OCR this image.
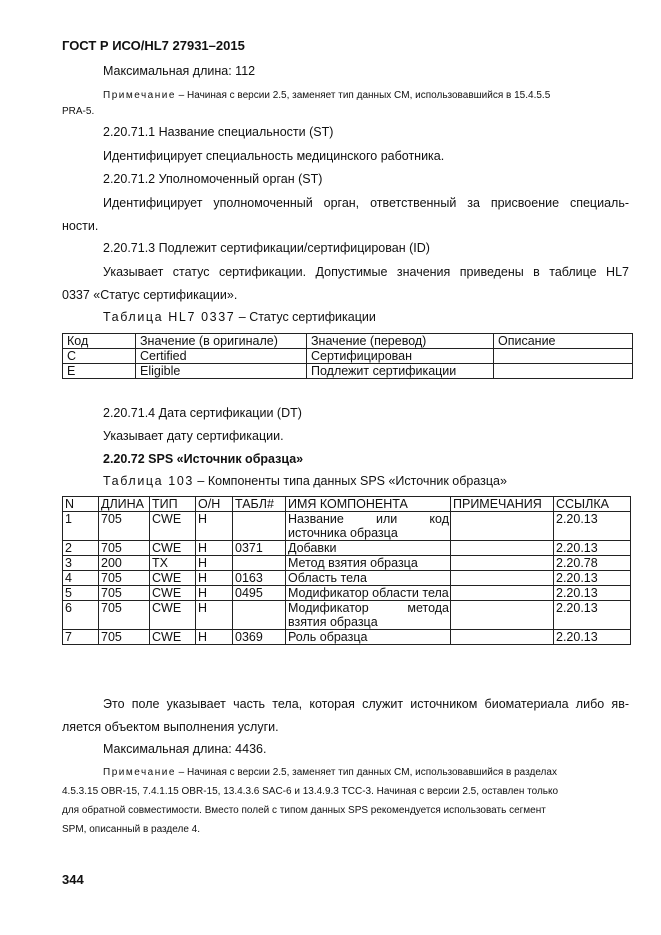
ГОСТ Р ИСО/HL7 27931–2015
Максимальная длина: 112
Примечание – Начиная с версии 2.5, заменяет тип данных CM, использовавшийся в 15.4.5.5
PRA-5.
2.20.71.1 Название специальности (ST)
Идентифицирует специальность медицинского работника.
2.20.71.2 Уполномоченный орган (ST)
Идентифицирует уполномоченный орган, ответственный за присвоение специаль-
ности.
2.20.71.3 Подлежит сертификации/сертифицирован (ID)
Указывает статус сертификации. Допустимые значения приведены в таблице HL7
0337 «Статус сертификации».
Таблица HL7 0337 – Статус сертификации
Код	Значение (в оригинале)	Значение (перевод)	Описание
C	Certified	Сертифицирован	
E	Eligible	Подлежит сертификации	
2.20.71.4 Дата сертификации (DT)
Указывает дату сертификации.
2.20.72 SPS «Источник образца»
Таблица 103 – Компоненты типа данных SPS «Источник образца»
N	ДЛИНА	ТИП	О/Н	ТАБЛ#	ИМЯ КОМПОНЕНТА	ПРИМЕЧАНИЯ	ССЫЛКА
1	705	CWE	Н		Название или код источника образца		2.20.13
2	705	CWE	Н	0371	Добавки		2.20.13
3	200	TX	Н		Метод взятия образца		2.20.78
4	705	CWE	Н	0163	Область тела		2.20.13
5	705	CWE	Н	0495	Модификатор области тела		2.20.13
6	705	CWE	Н		Модификатор метода взятия образца		2.20.13
7	705	CWE	Н	0369	Роль образца		2.20.13
Это поле указывает часть тела, которая служит источником биоматериала либо яв-
ляется объектом выполнения услуги.
Максимальная длина: 4436.
Примечание – Начиная с версии 2.5, заменяет тип данных CM, использовавшийся в разделах
4.5.3.15 OBR-15, 7.4.1.15 OBR-15, 13.4.3.6 SAC-6 и 13.4.9.3 TCC-3. Начиная с версии 2.5, оставлен только
для обратной совместимости. Вместо полей с типом данных SPS рекомендуется использовать сегмент
SPM, описанный в разделе 4.
344
